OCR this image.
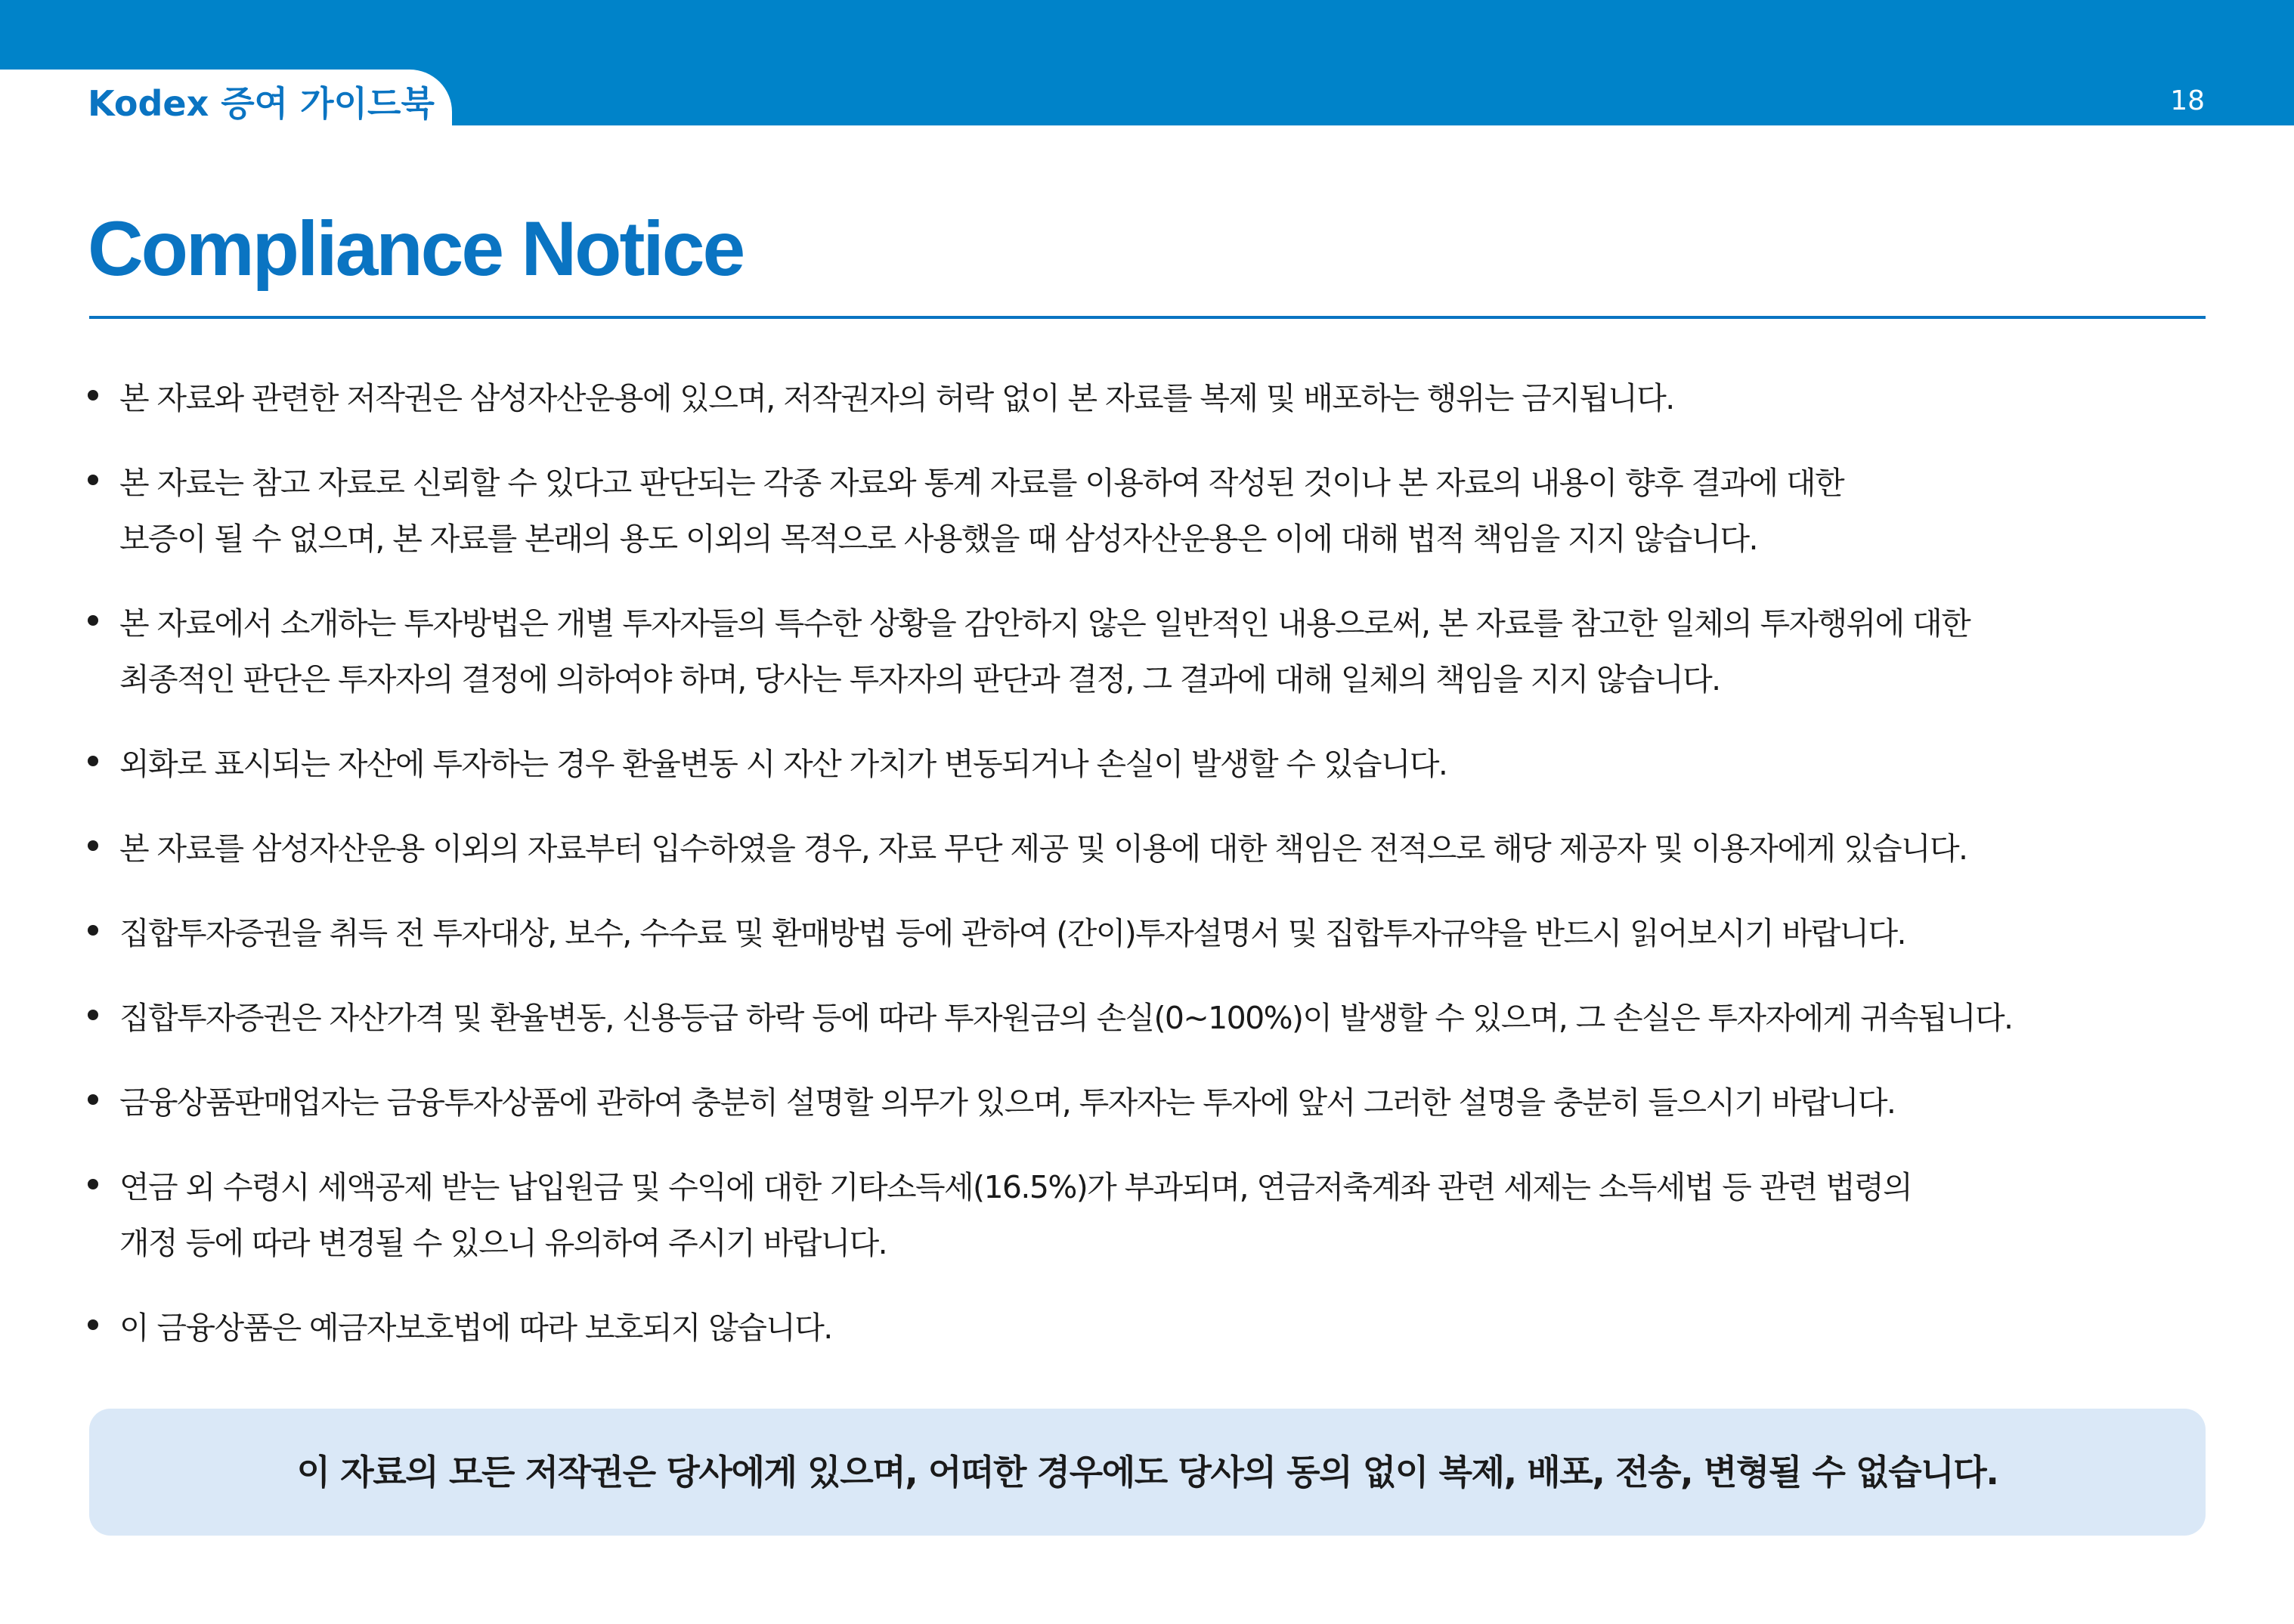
Kodex 증여 가이드북	18
Compliance Notice
본 자료와 관련한 저작권은 삼성자산운용에 있으며, 저작권자의 허락 없이 본 자료를 복제 및 배포하는 행위는 금지됩니다.
본 자료는 참고 자료로 신뢰할 수 있다고 판단되는 각종 자료와 통계 자료를 이용하여 작성된 것이나 본 자료의 내용이 향후 결과에 대한
보증이 될 수 없으며, 본 자료를 본래의 용도 이외의 목적으로 사용했을 때 삼성자산운용은 이에 대해 법적 책임을 지지 않습니다.
본 자료에서 소개하는 투자방법은 개별 투자자들의 특수한 상황을 감안하지 않은 일반적인 내용으로써, 본 자료를 참고한 일체의 투자행위에 대한
최종적인 판단은 투자자의 결정에 의하여야 하며, 당사는 투자자의 판단과 결정, 그 결과에 대해 일체의 책임을 지지 않습니다.
외화로 표시되는 자산에 투자하는 경우 환율변동 시 자산 가치가 변동되거나 손실이 발생할 수 있습니다.
본 자료를 삼성자산운용 이외의 자료부터 입수하였을 경우, 자료 무단 제공 및 이용에 대한 책임은 전적으로 해당 제공자 및 이용자에게 있습니다.
집합투자증권을 취득 전 투자대상, 보수, 수수료 및 환매방법 등에 관하여 (간이)투자설명서 및 집합투자규약을 반드시 읽어보시기 바랍니다.
집합투자증권은 자산가격 및 환율변동, 신용등급 하락 등에 따라 투자원금의 손실(0~100%)이 발생할 수 있으며, 그 손실은 투자자에게 귀속됩니다.
금융상품판매업자는 금융투자상품에 관하여 충분히 설명할 의무가 있으며, 투자자는 투자에 앞서 그러한 설명을 충분히 들으시기 바랍니다.
연금 외 수령시 세액공제 받는 납입원금 및 수익에 대한 기타소득세(16.5%)가 부과되며, 연금저축계좌 관련 세제는 소득세법 등 관련 법령의
개정 등에 따라 변경될 수 있으니 유의하여 주시기 바랍니다.
이 금융상품은 예금자보호법에 따라 보호되지 않습니다.
이 자료의 모든 저작권은 당사에게 있으며, 어떠한 경우에도 당사의 동의 없이 복제, 배포, 전송, 변형될 수 없습니다.
